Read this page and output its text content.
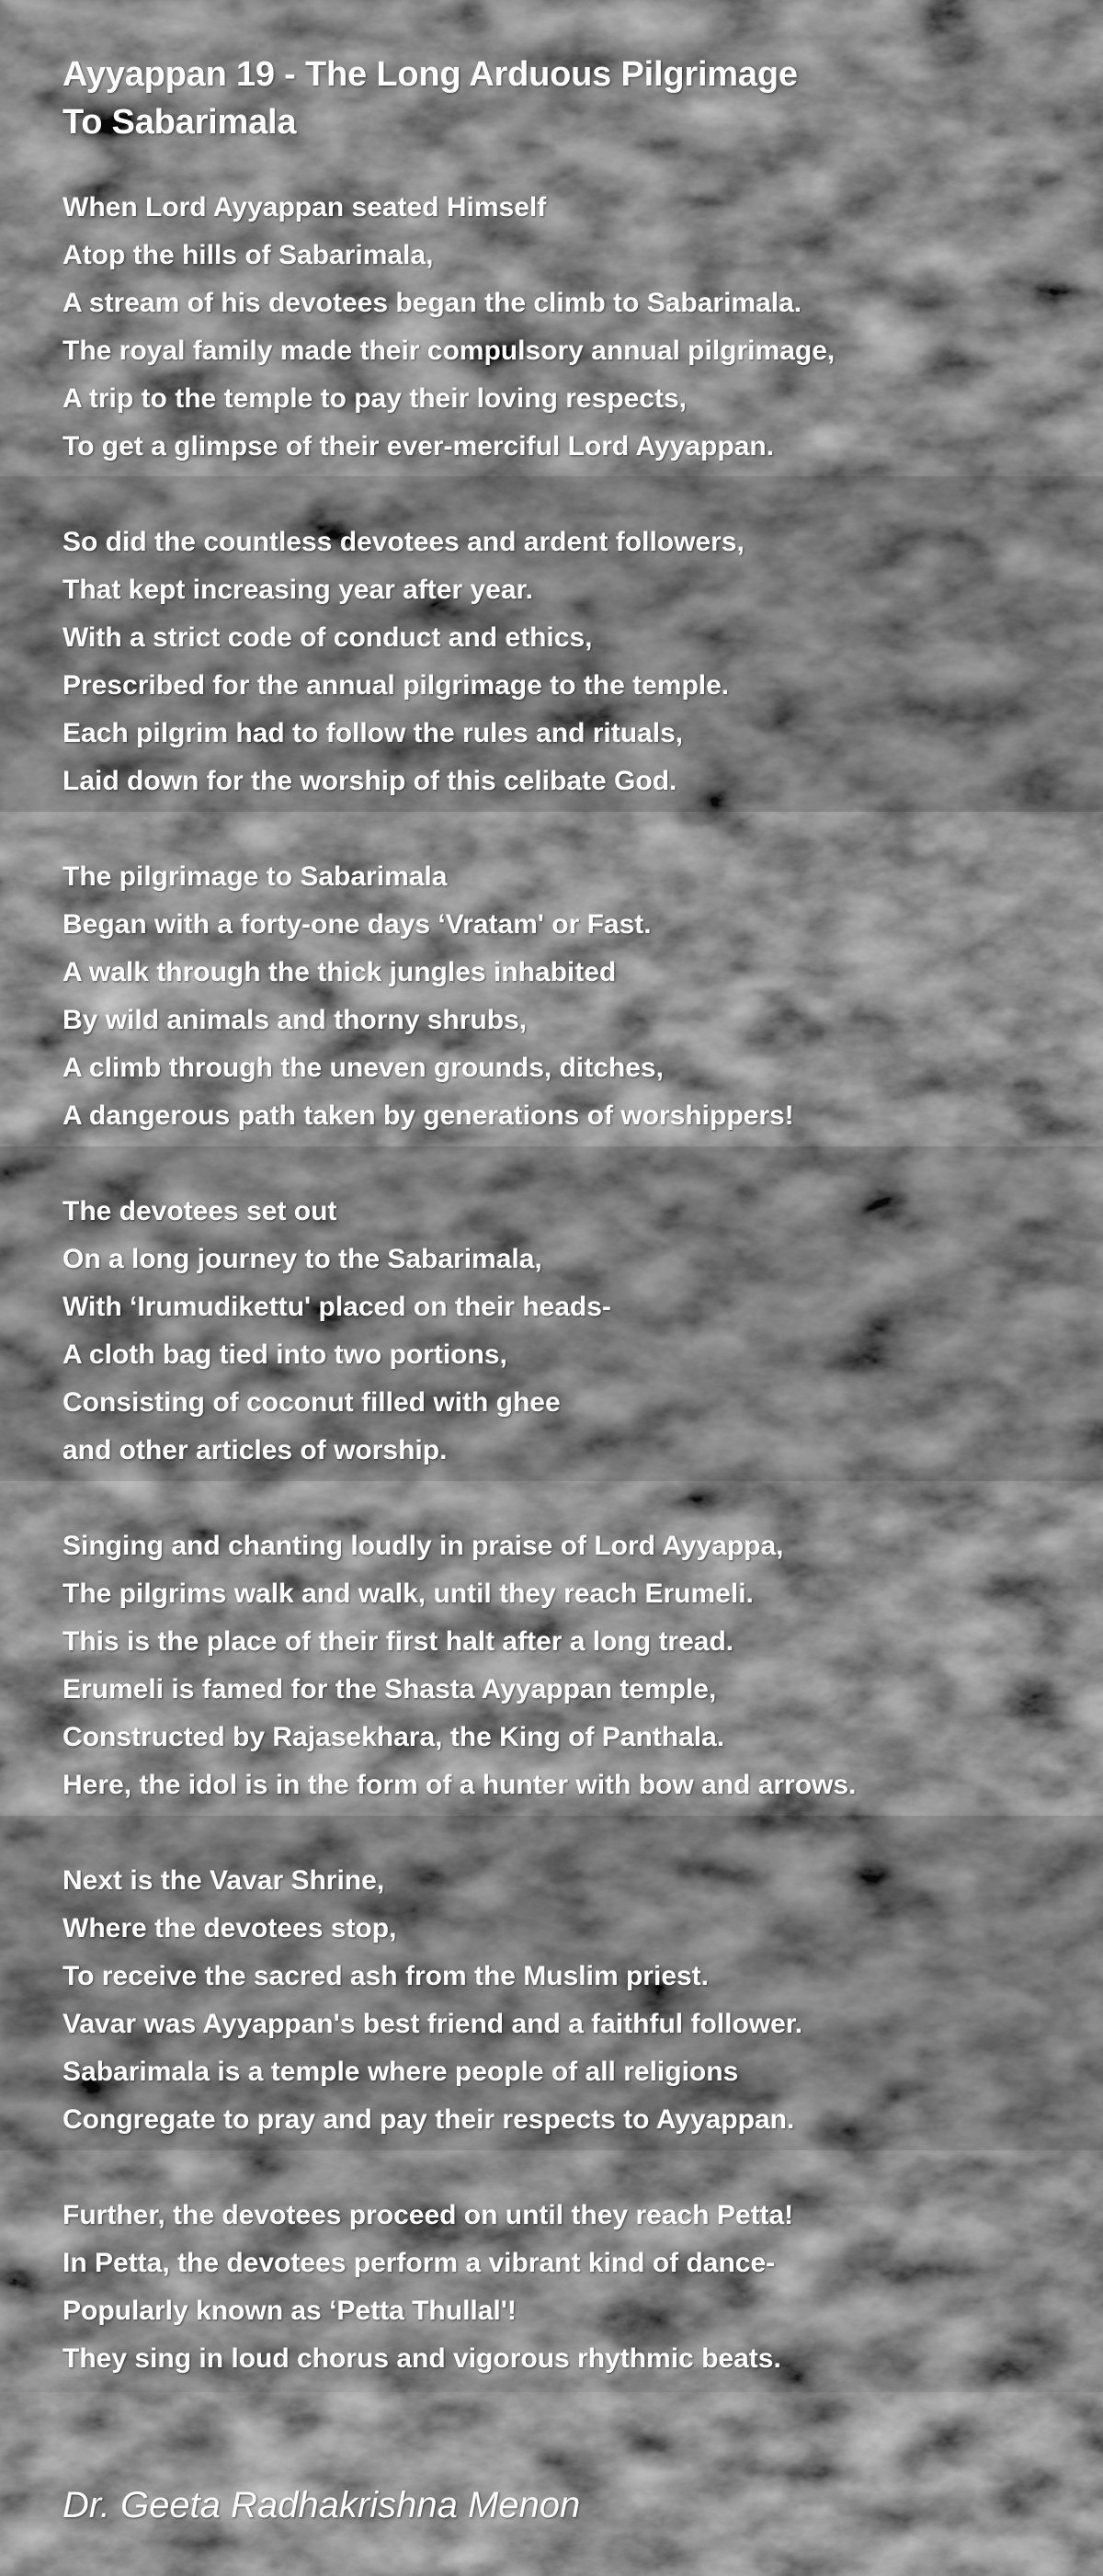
Ayyappan 19 - The Long Arduous Pilgrimage
To Sabarimala
When Lord Ayyappan seated Himself
Atop the hills of Sabarimala,
A stream of his devotees began the climb to Sabarimala.
The royal family made their compulsory annual pilgrimage,
A trip to the temple to pay their loving respects,
To get a glimpse of their ever-merciful Lord Ayyappan.
So did the countless devotees and ardent followers,
That kept increasing year after year.
With a strict code of conduct and ethics,
Prescribed for the annual pilgrimage to the temple.
Each pilgrim had to follow the rules and rituals,
Laid down for the worship of this celibate God.
The pilgrimage to Sabarimala
Began with a forty-one days ‘Vratam' or Fast.
A walk through the thick jungles inhabited
By wild animals and thorny shrubs,
A climb through the uneven grounds, ditches,
A dangerous path taken by generations of worshippers!
The devotees set out
On a long journey to the Sabarimala,
With ‘Irumudikettu' placed on their heads-
A cloth bag tied into two portions,
Consisting of coconut filled with ghee
and other articles of worship.
Singing and chanting loudly in praise of Lord Ayyappa,
The pilgrims walk and walk, until they reach Erumeli.
This is the place of their first halt after a long tread.
Erumeli is famed for the Shasta Ayyappan temple,
Constructed by Rajasekhara, the King of Panthala.
Here, the idol is in the form of a hunter with bow and arrows.
Next is the Vavar Shrine,
Where the devotees stop,
To receive the sacred ash from the Muslim priest.
Vavar was Ayyappan's best friend and a faithful follower.
Sabarimala is a temple where people of all religions
Congregate to pray and pay their respects to Ayyappan.
Further, the devotees proceed on until they reach Petta!
In Petta, the devotees perform a vibrant kind of dance-
Popularly known as ‘Petta Thullal'!
They sing in loud chorus and vigorous rhythmic beats.
Dr. Geeta Radhakrishna Menon
